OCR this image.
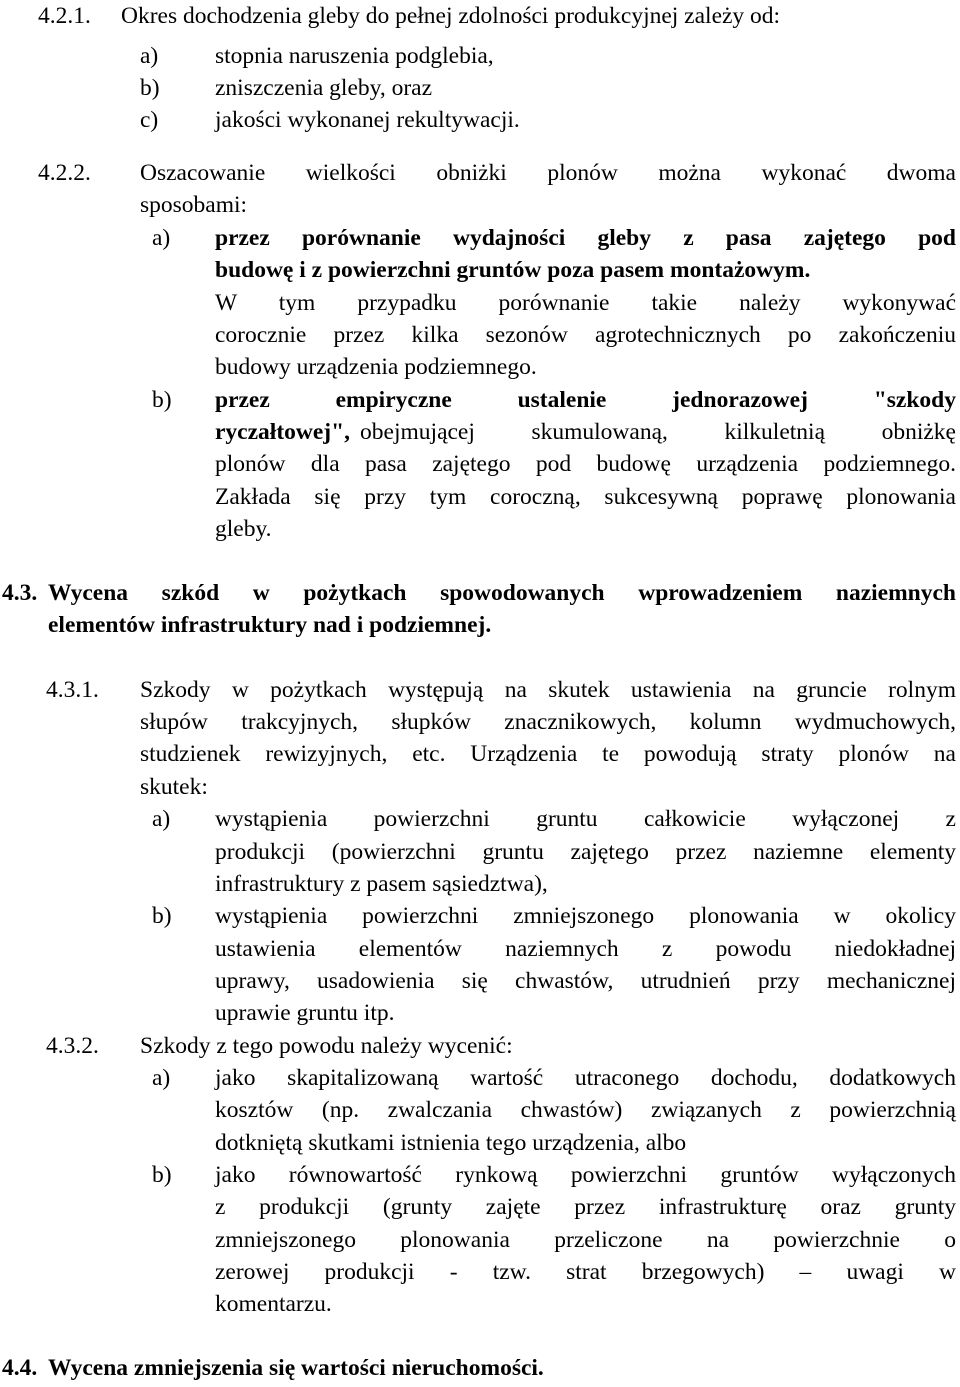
4.2.1. Okres dochodzenia gleby do pełnej zdolności produkcyjnej zależy od:
a) stopnia naruszenia podglebia,
b) zniszczenia gleby, oraz
c) jakości wykonanej rekultywacji.
4.2.2. Oszacowanie wielkości obniżki plonów można wykonać dwoma
sposobami:
a) przez porównanie wydajności gleby z pasa zajętego pod
budowę i z powierzchni gruntów poza pasem montażowym.
W tym przypadku porównanie takie należy wykonywać
corocznie przez kilka sezonów agrotechnicznych po zakończeniu
budowy urządzenia podziemnego.
b) przez empiryczne ustalenie jednorazowej "szkody
ryczałtowej", obejmującej skumulowaną, kilkuletnią obniżkę
plonów dla pasa zajętego pod budowę urządzenia podziemnego.
Zakłada się przy tym coroczną, sukcesywną poprawę plonowania
gleby.
4.3. Wycena szkód w pożytkach spowodowanych wprowadzeniem naziemnych
elementów infrastruktury nad i podziemnej.
4.3.1. Szkody w pożytkach występują na skutek ustawienia na gruncie rolnym
słupów trakcyjnych, słupków znacznikowych, kolumn wydmuchowych,
studzienek rewizyjnych, etc. Urządzenia te powodują straty plonów na
skutek:
a) wystąpienia powierzchni gruntu całkowicie wyłączonej z
produkcji (powierzchni gruntu zajętego przez naziemne elementy
infrastruktury z pasem sąsiedztwa),
b) wystąpienia powierzchni zmniejszonego plonowania w okolicy
ustawienia elementów naziemnych z powodu niedokładnej
uprawy, usadowienia się chwastów, utrudnień przy mechanicznej
uprawie gruntu itp.
4.3.2. Szkody z tego powodu należy wycenić:
a) jako skapitalizowaną wartość utraconego dochodu, dodatkowych
kosztów (np. zwalczania chwastów) związanych z powierzchnią
dotkniętą skutkami istnienia tego urządzenia, albo
b) jako równowartość rynkową powierzchni gruntów wyłączonych
z produkcji (grunty zajęte przez infrastrukturę oraz grunty
zmniejszonego plonowania przeliczone na powierzchnie o
zerowej produkcji - tzw. strat brzegowych) – uwagi w
komentarzu.
4.4. Wycena zmniejszenia się wartości nieruchomości.
